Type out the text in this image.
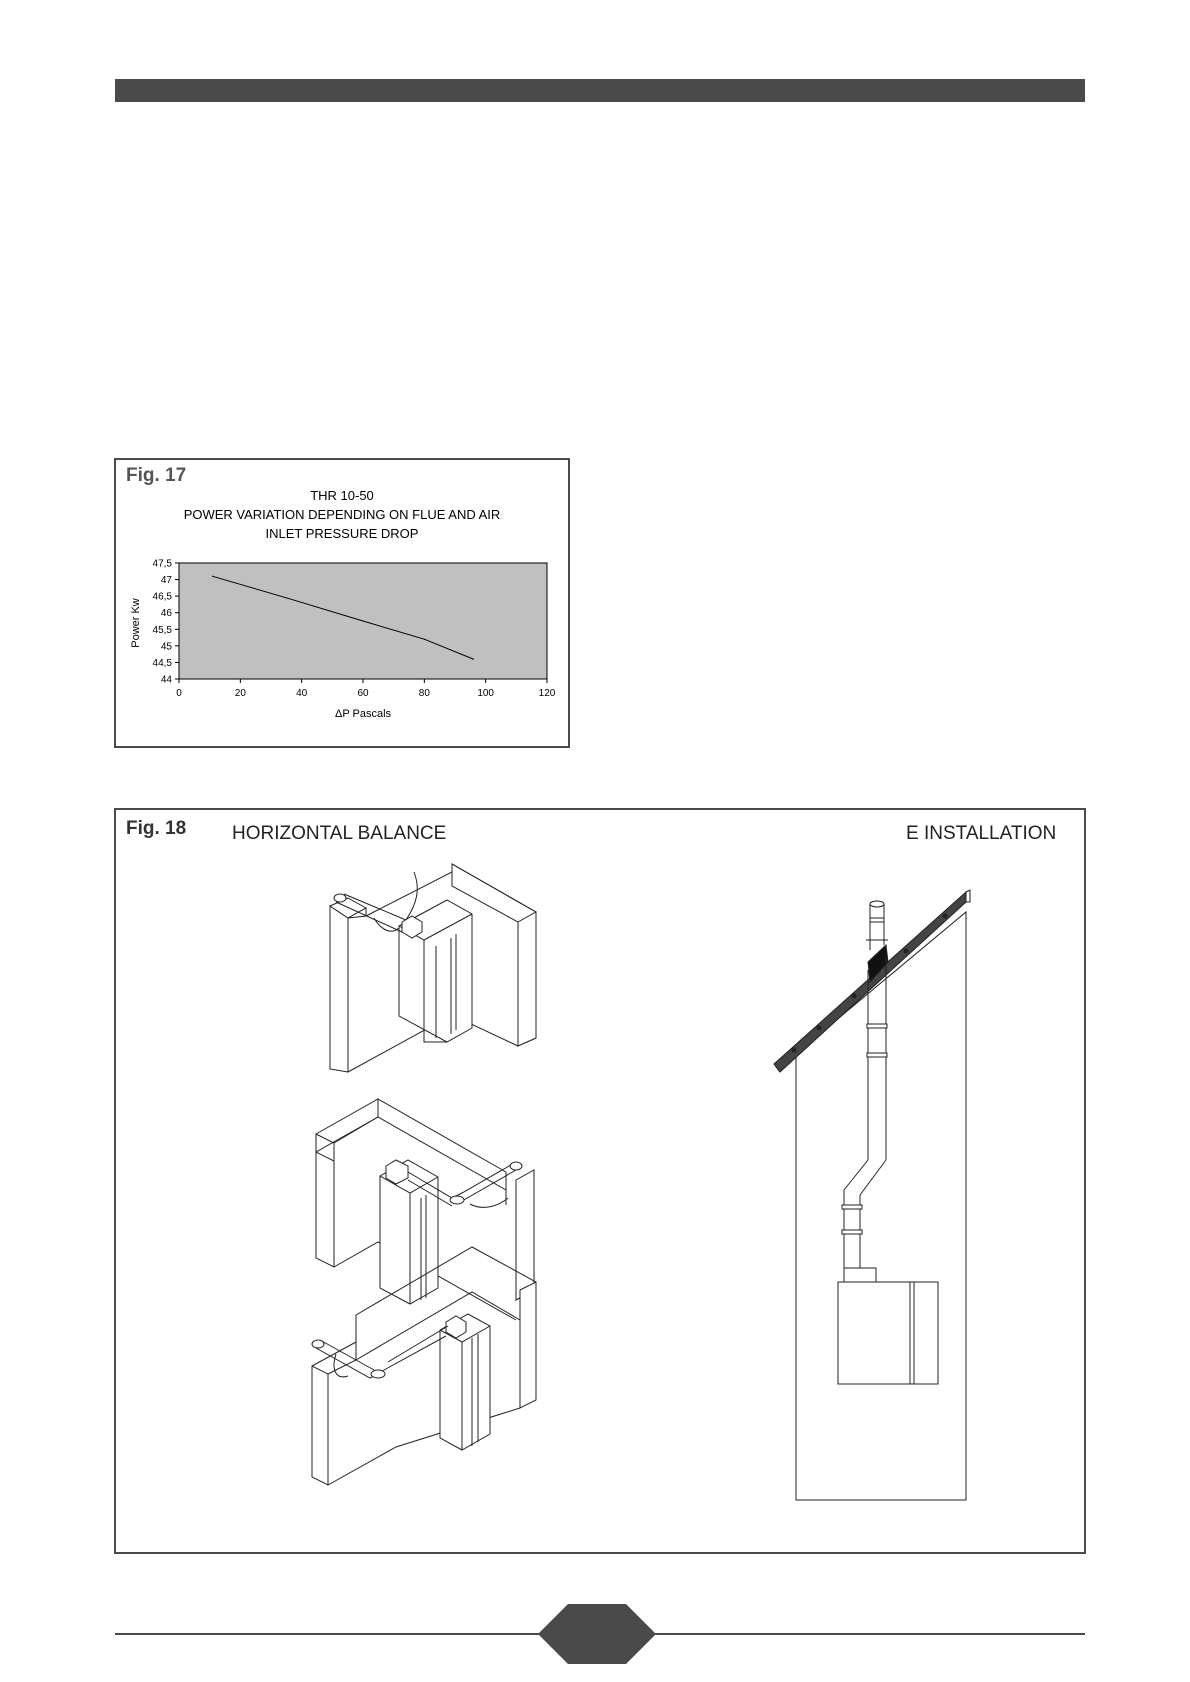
Fig. 17
THR 10-50
POWER VARIATION DEPENDING ON FLUE AND AIR
INLET PRESSURE DROP
44
44,5
45
45,5
46
46,5
47
47,5
0	20	40	60	80	100	120
Power Kw
ΔP Pascals
Fig. 18 HORIZONTAL BALANCE	E INSTALLATION
